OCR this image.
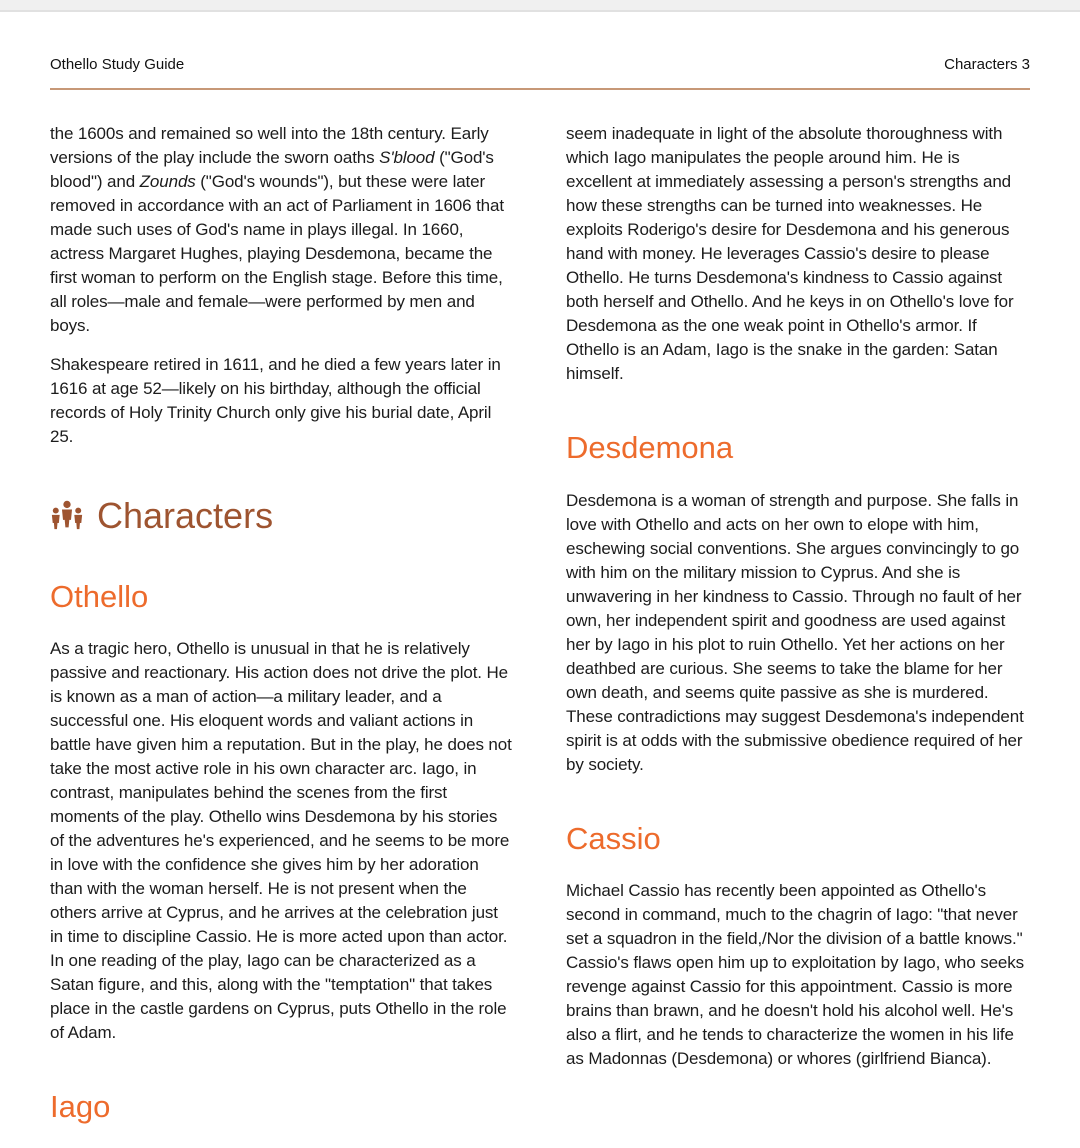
Othello Study Guide	Characters 3

the 1600s and remained so well into the 18th century. Early versions of the play include the sworn oaths S'blood ("God's blood") and Zounds ("God's wounds"), but these were later removed in accordance with an act of Parliament in 1606 that made such uses of God's name in plays illegal. In 1660, actress Margaret Hughes, playing Desdemona, became the first woman to perform on the English stage. Before this time, all roles—male and female—were performed by men and boys.

Shakespeare retired in 1611, and he died a few years later in 1616 at age 52—likely on his birthday, although the official records of Holy Trinity Church only give his burial date, April 25.

Characters
Othello

As a tragic hero, Othello is unusual in that he is relatively passive and reactionary. His action does not drive the plot. He is known as a man of action—a military leader, and a successful one. His eloquent words and valiant actions in battle have given him a reputation. But in the play, he does not take the most active role in his own character arc. Iago, in contrast, manipulates behind the scenes from the first moments of the play. Othello wins Desdemona by his stories of the adventures he's experienced, and he seems to be more in love with the confidence she gives him by her adoration than with the woman herself. He is not present when the others arrive at Cyprus, and he arrives at the celebration just in time to discipline Cassio. He is more acted upon than actor. In one reading of the play, Iago can be characterized as a Satan figure, and this, along with the "temptation" that takes place in the castle gardens on Cyprus, puts Othello in the role of Adam.

Iago

seem inadequate in light of the absolute thoroughness with which Iago manipulates the people around him. He is excellent at immediately assessing a person's strengths and how these strengths can be turned into weaknesses. He exploits Roderigo's desire for Desdemona and his generous hand with money. He leverages Cassio's desire to please Othello. He turns Desdemona's kindness to Cassio against both herself and Othello. And he keys in on Othello's love for Desdemona as the one weak point in Othello's armor. If Othello is an Adam, Iago is the snake in the garden: Satan himself.

Desdemona

Desdemona is a woman of strength and purpose. She falls in love with Othello and acts on her own to elope with him, eschewing social conventions. She argues convincingly to go with him on the military mission to Cyprus. And she is unwavering in her kindness to Cassio. Through no fault of her own, her independent spirit and goodness are used against her by Iago in his plot to ruin Othello. Yet her actions on her deathbed are curious. She seems to take the blame for her own death, and seems quite passive as she is murdered. These contradictions may suggest Desdemona's independent spirit is at odds with the submissive obedience required of her by society.

Cassio

Michael Cassio has recently been appointed as Othello's second in command, much to the chagrin of Iago: "that never set a squadron in the field,/Nor the division of a battle knows." Cassio's flaws open him up to exploitation by Iago, who seeks revenge against Cassio for this appointment. Cassio is more brains than brawn, and he doesn't hold his alcohol well. He's also a flirt, and he tends to characterize the women in his life as Madonnas (Desdemona) or whores (girlfriend Bianca).
